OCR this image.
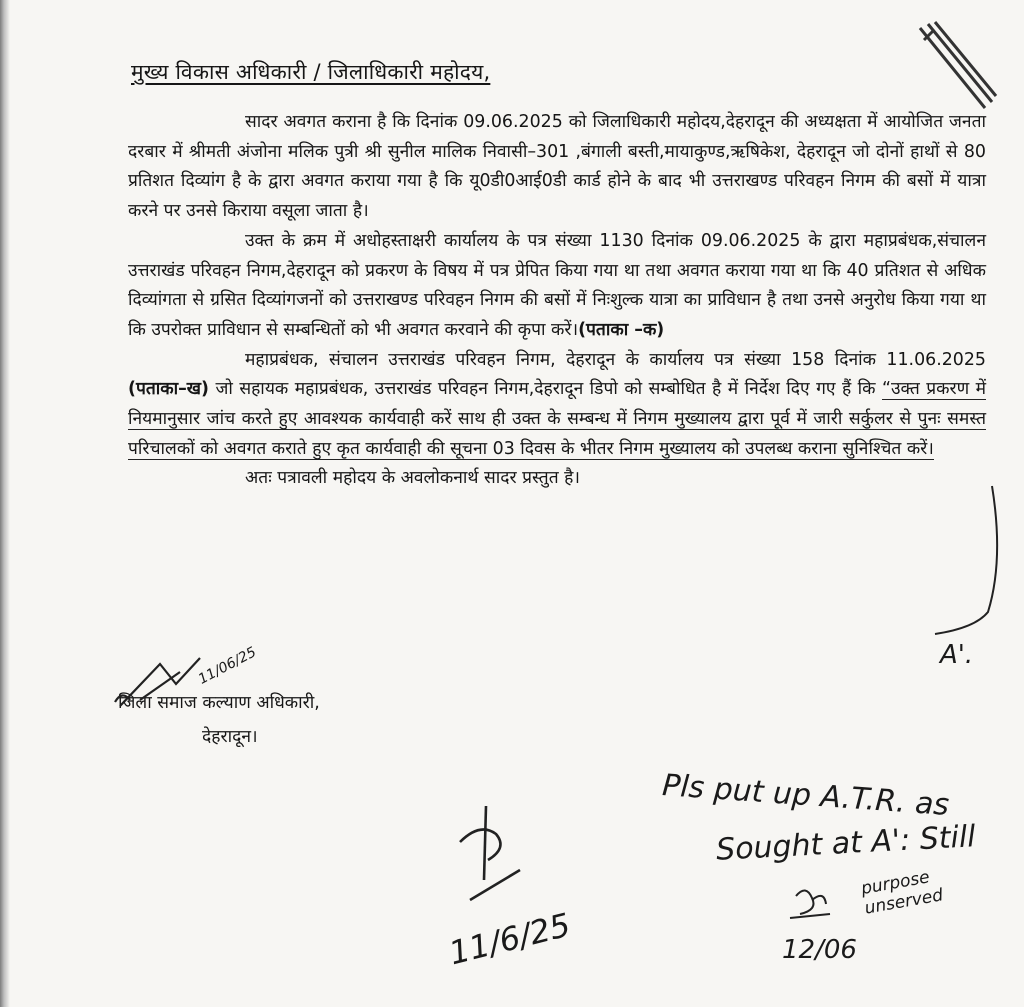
मुख्य विकास अधिकारी / जिलाधिकारी महोदय,

सादर अवगत कराना है कि दिनांक 09.06.2025 को जिलाधिकारी महोदय,देहरादून की अध्यक्षता में आयोजित जनता दरबार में श्रीमती अंजोना मलिक पुत्री श्री सुनील मालिक निवासी–301 ,बंगाली बस्ती,मायाकुण्ड,ऋषिकेश, देहरादून जो दोनों हाथों से 80 प्रतिशत दिव्यांग है के द्वारा अवगत कराया गया है कि यू0डी0आई0डी कार्ड होने के बाद भी उत्तराखण्ड परिवहन निगम की बसों में यात्रा करने पर उनसे किराया वसूला जाता है।

उक्त के क्रम में अधोहस्ताक्षरी कार्यालय के पत्र संख्या 1130 दिनांक 09.06.2025 के द्वारा महाप्रबंधक,संचालन उत्तराखंड परिवहन निगम,देहरादून को प्रकरण के विषय में पत्र प्रेपित किया गया था तथा अवगत कराया गया था कि 40 प्रतिशत से अधिक दिव्यांगता से ग्रसित दिव्यांगजनों को उत्तराखण्ड परिवहन निगम की बसों में निःशुल्क यात्रा का प्राविधान है तथा उनसे अनुरोध किया गया था कि उपरोक्त प्राविधान से सम्बन्धितों को भी अवगत करवाने की कृपा करें।(पताका –क)

महाप्रबंधक, संचालन उत्तराखंड परिवहन निगम, देहरादून के कार्यालय पत्र संख्या 158 दिनांक 11.06.2025 (पताका–ख) जो सहायक महाप्रबंधक, उत्तराखंड परिवहन निगम,देहरादून डिपो को सम्बोधित है में निर्देश दिए गए हैं कि “उक्त प्रकरण में नियमानुसार जांच करते हुए आवश्यक कार्यवाही करें साथ ही उक्त के सम्बन्ध में निगम मुख्यालय द्वारा पूर्व में जारी सर्कुलर से पुनः समस्त परिचालकों को अवगत कराते हुए कृत कार्यवाही की सूचना 03 दिवस के भीतर निगम मुख्यालय को उपलब्ध कराना सुनिश्चित करें।

अतः पत्रावली महोदय के अवलोकनार्थ सादर प्रस्तुत है।

जिला समाज कल्याण अधिकारी,
देहरादून।
A'.
11/06/25
Pls put up A.T.R. as
Sought at A': Still
purpose unserved
12/06
11/6/25
